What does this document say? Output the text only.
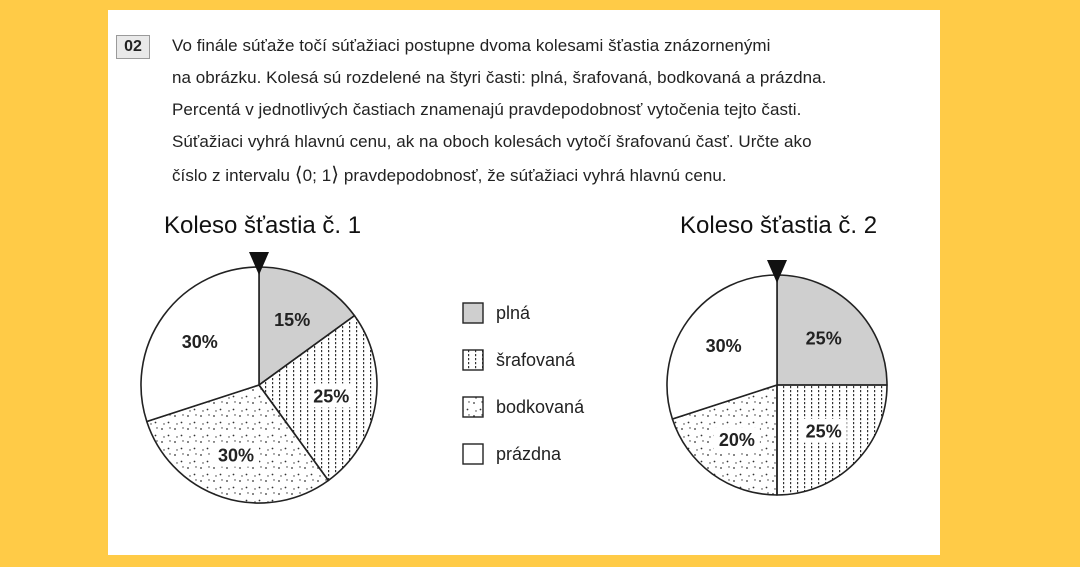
02	Vo finále súťaže točí súťažiaci postupne dvoma kolesami šťastia znázornenými
na obrázku. Kolesá sú rozdelené na štyri časti: plná, šrafovaná, bodkovaná a prázdna.
Percentá v jednotlivých častiach znamenajú pravdepodobnosť vytočenia tejto časti.
Súťažiaci vyhrá hlavnú cenu, ak na oboch kolesách vytočí šrafovanú časť. Určte ako
číslo z intervalu ⟨0; 1⟩ pravdepodobnosť, že súťažiaci vyhrá hlavnú cenu.
Koleso šťastia č. 1	Koleso šťastia č. 2
15%
25%
30%
30%	25%
25%
20%
30%
plná
šrafovaná
bodkovaná
prázdna
